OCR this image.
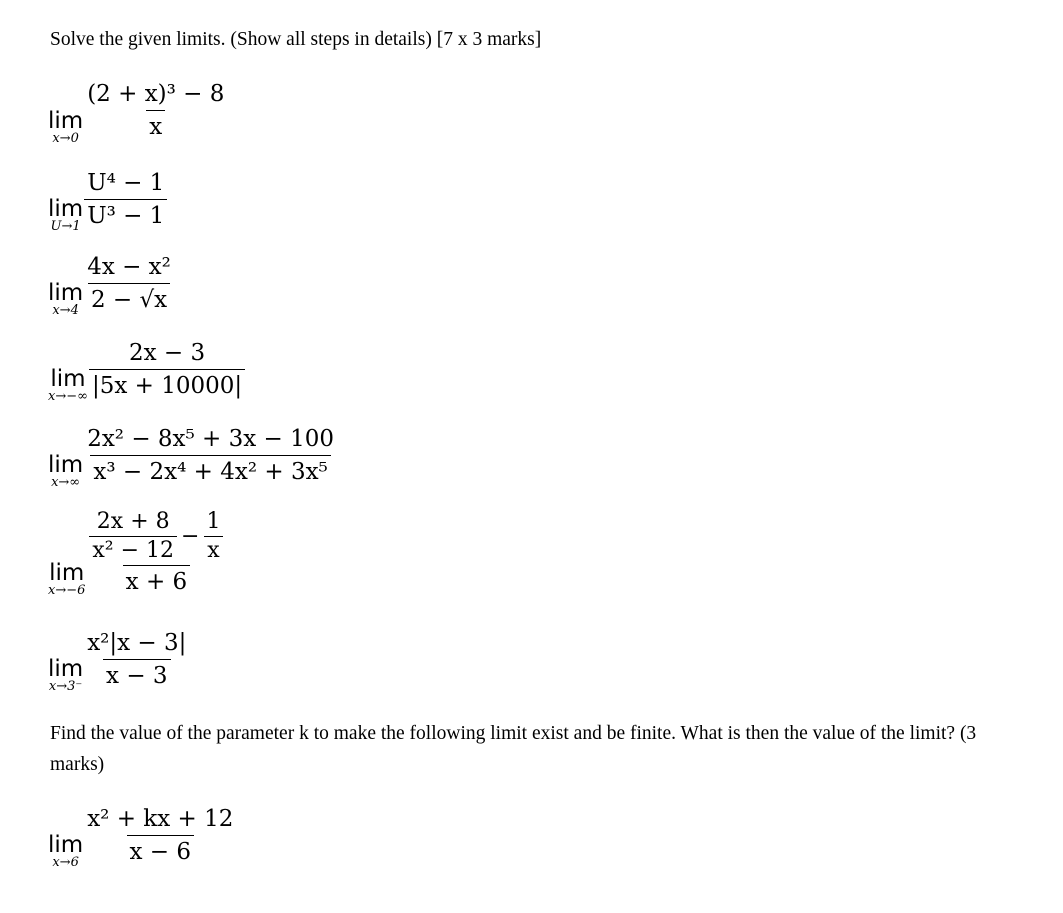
Solve the given limits. (Show all steps in details) [7 x 3 marks]

lim
$x\to 0 \frac{\text{(2 + x)³ − 8}}{x}$
lim
$U\to 1 \frac{\text{U⁴ − 1}}{\text{U³ − 1}}$
lim
$x\to 4 \frac{\text{4x − x²}}{2 - √x}$
lim
$x\to-\infty \frac{2x - 3}{|5x + 10000|}$
lim
$x\to\infty \frac{\text{2x² − 8x⁵ + 3x − 100}}{\text{x³ − 2x⁴ + 4x² + 3x⁵}}$
lim
x→−6
$\frac{2x + 8}{\text{x² − 12}} - \frac{1}{x}$
x + 6
lim
$x\to 3^- \frac{\text{x²|x − 3|}}{x - 3}$

Find the value of the parameter k to make the following limit exist and be finite. What is then the value of the limit? (3 marks)

lim
$x\to 6 \frac{\text{x² + kx + 12}}{x - 6}$
